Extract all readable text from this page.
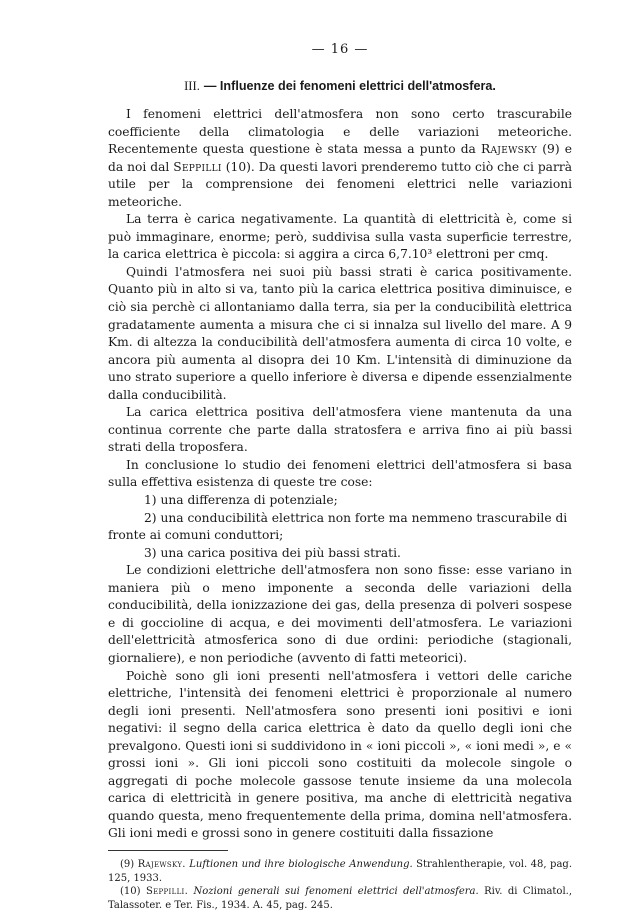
— 16 —
III. — Influenze dei fenomeni elettrici dell'atmosfera.

I fenomeni elettrici dell'atmosfera non sono certo trascurabile coefficiente della climatologia e delle variazioni meteoriche. Recentemente questa questione è stata messa a punto da Rajewsky (9) e da noi dal Seppilli (10). Da questi lavori prenderemo tutto ciò che ci parrà utile per la comprensione dei fenomeni elettrici nelle variazioni meteoriche.

La terra è carica negativamente. La quantità di elettricità è, come si può immaginare, enorme; però, suddivisa sulla vasta superficie terrestre, la carica elettrica è piccola: si aggira a circa 6,7.10³ elettroni per cmq.

Quindi l'atmosfera nei suoi più bassi strati è carica positivamente. Quanto più in alto si va, tanto più la carica elettrica positiva diminuisce, e ciò sia perchè ci allontaniamo dalla terra, sia per la conducibilità elettrica gradatamente aumenta a misura che ci si innalza sul livello del mare. A 9 Km. di altezza la conducibilità dell'atmosfera aumenta di circa 10 volte, e ancora più aumenta al disopra dei 10 Km. L'intensità di diminuzione da uno strato superiore a quello inferiore è diversa e dipende essenzialmente dalla conducibilità.

La carica elettrica positiva dell'atmosfera viene mantenuta da una continua corrente che parte dalla stratosfera e arriva fino ai più bassi strati della troposfera.

In conclusione lo studio dei fenomeni elettrici dell'atmosfera si basa sulla effettiva esistenza di queste tre cose:

1) una differenza di potenziale;

2) una conducibilità elettrica non forte ma nemmeno trascurabile di

fronte ai comuni conduttori;

3) una carica positiva dei più bassi strati.

Le condizioni elettriche dell'atmosfera non sono fisse: esse variano in maniera più o meno imponente a seconda delle variazioni della conducibilità, della ionizzazione dei gas, della presenza di polveri sospese e di goccioline di acqua, e dei movimenti dell'atmosfera. Le variazioni dell'elettricità atmosferica sono di due ordini: periodiche (stagionali, giornaliere), e non periodiche (avvento di fatti meteorici).

Poichè sono gli ioni presenti nell'atmosfera i vettori delle cariche elettriche, l'intensità dei fenomeni elettrici è proporzionale al numero degli ioni presenti. Nell'atmosfera sono presenti ioni positivi e ioni negativi: il segno della carica elettrica è dato da quello degli ioni che prevalgono. Questi ioni si suddividono in « ioni piccoli », « ioni medi », e « grossi ioni ». Gli ioni piccoli sono costituiti da molecole singole o aggregati di poche molecole gassose tenute insieme da una molecola carica di elettricità in genere positiva, ma anche di elettricità negativa quando questa, meno frequentemente della prima, domina nell'atmosfera. Gli ioni medi e grossi sono in genere costituiti dalla fissazione

(9) Rajewsky. Luftionen und ihre biologische Anwendung. Strahlentherapie, vol. 48, pag. 125, 1933.

(10) Seppilli. Nozioni generali sui fenomeni elettrici dell'atmosfera. Riv. di Climatol., Talassoter. e Ter. Fis., 1934. A. 45, pag. 245.
